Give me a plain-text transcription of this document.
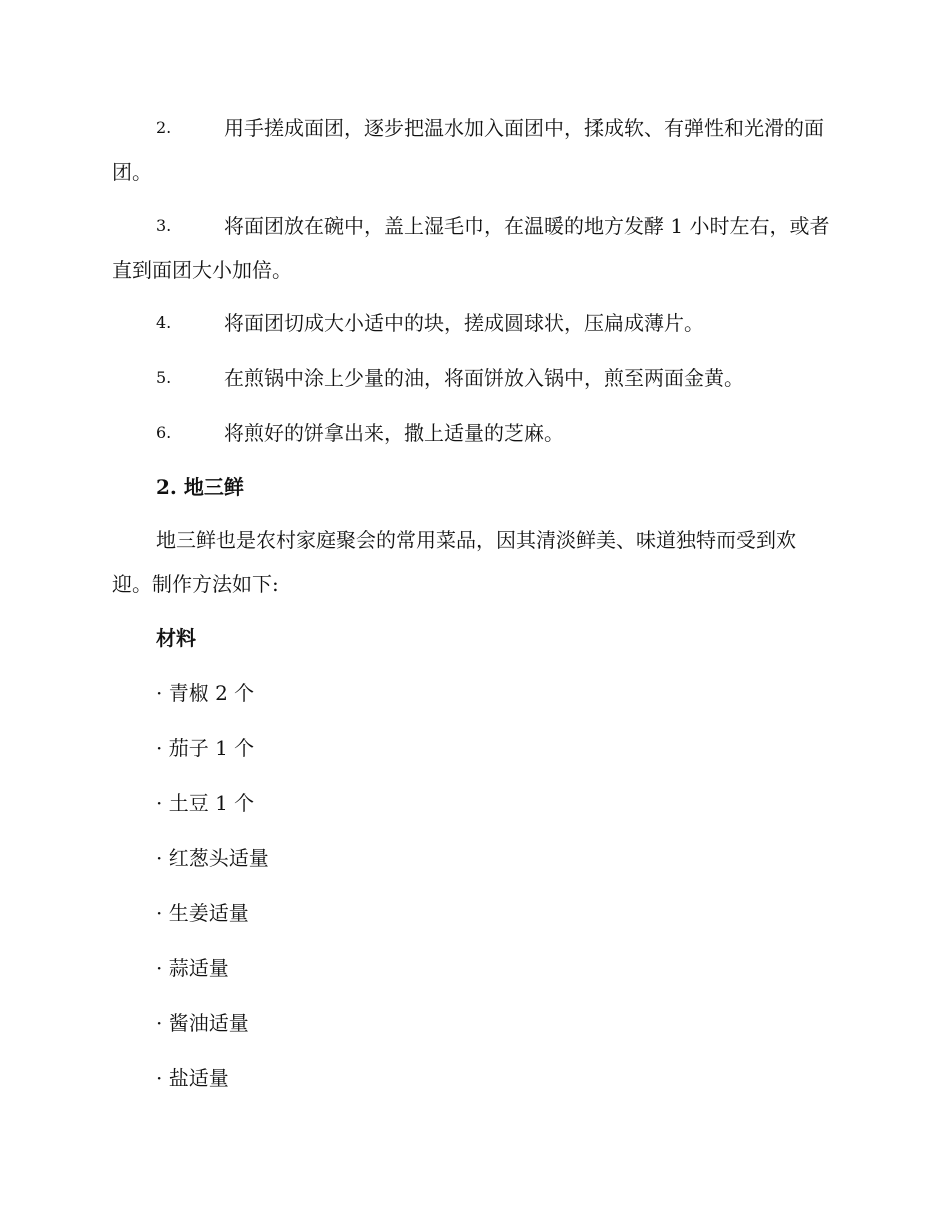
2.	用手搓成面团，逐步把温水加入面团中，揉成软、有弹性和光滑的面团。
3.	将面团放在碗中，盖上湿毛巾，在温暖的地方发酵 1 小时左右，或者直到面团大小加倍。
4.	将面团切成大小适中的块，搓成圆球状，压扁成薄片。
5.	在煎锅中涂上少量的油，将面饼放入锅中，煎至两面金黄。
6.	将煎好的饼拿出来，撒上适量的芝麻。
2. 地三鲜
地三鲜也是农村家庭聚会的常用菜品，因其清淡鲜美、味道独特而受到欢迎。制作方法如下:
材料
· 青椒 2 个
· 茄子 1 个
· 土豆 1 个
· 红葱头适量
· 生姜适量
· 蒜适量
· 酱油适量
· 盐适量
